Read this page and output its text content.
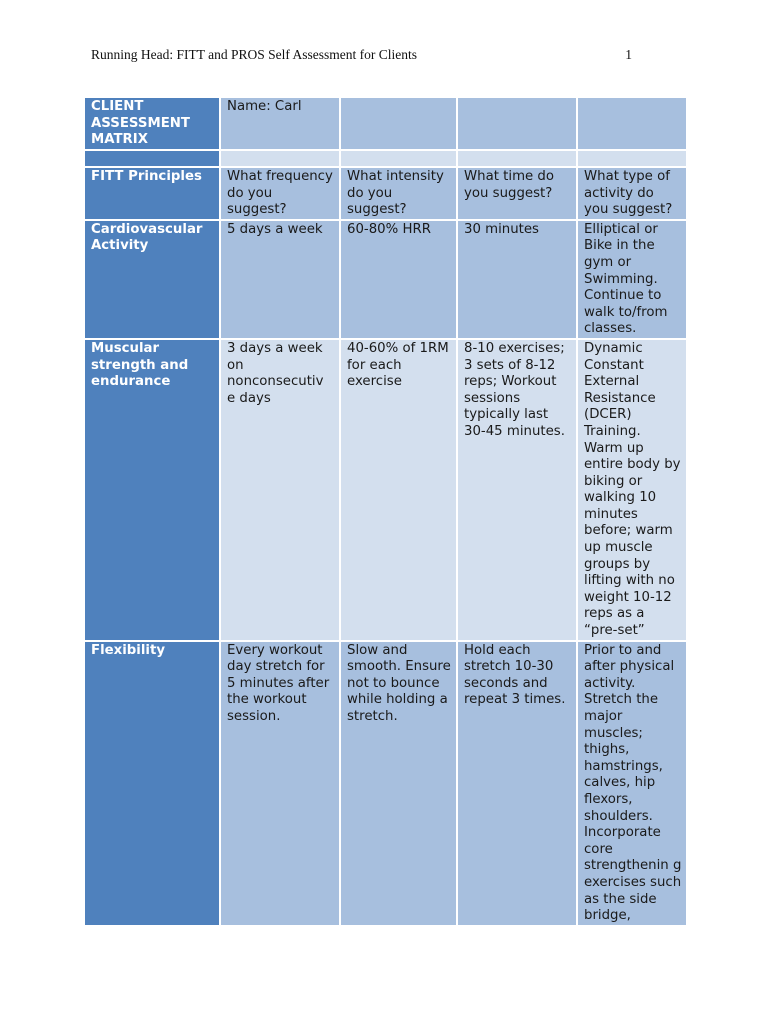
Running Head: FITT and PROS Self Assessment for Clients	1
CLIENT ASSESSMENT MATRIX	Name: Carl			

FITT Principles	What frequency do you suggest?	What intensity do you suggest?	What time do you suggest?	What type of activity do you suggest?
Cardiovascular Activity	5 days a week	60-80% HRR	30 minutes	Elliptical or Bike in the gym or Swimming. Continue to walk to/from classes.
Muscular strength and endurance	3 days a week on nonconsecutiv e days	40-60% of 1RM for each exercise	8-10 exercises; 3 sets of 8-12 reps; Workout sessions typically last 30-45 minutes.	Dynamic Constant External Resistance (DCER) Training. Warm up entire body by biking or walking 10 minutes before; warm up muscle groups by lifting with no weight 10-12 reps as a “pre-set”
Flexibility	Every workout day stretch for 5 minutes after the workout session.	Slow and smooth. Ensure not to bounce while holding a stretch.	Hold each stretch 10-30 seconds and repeat 3 times.	Prior to and after physical activity. Stretch the major muscles; thighs, hamstrings, calves, hip flexors, shoulders. Incorporate core strengthenin g exercises such as the side bridge,
